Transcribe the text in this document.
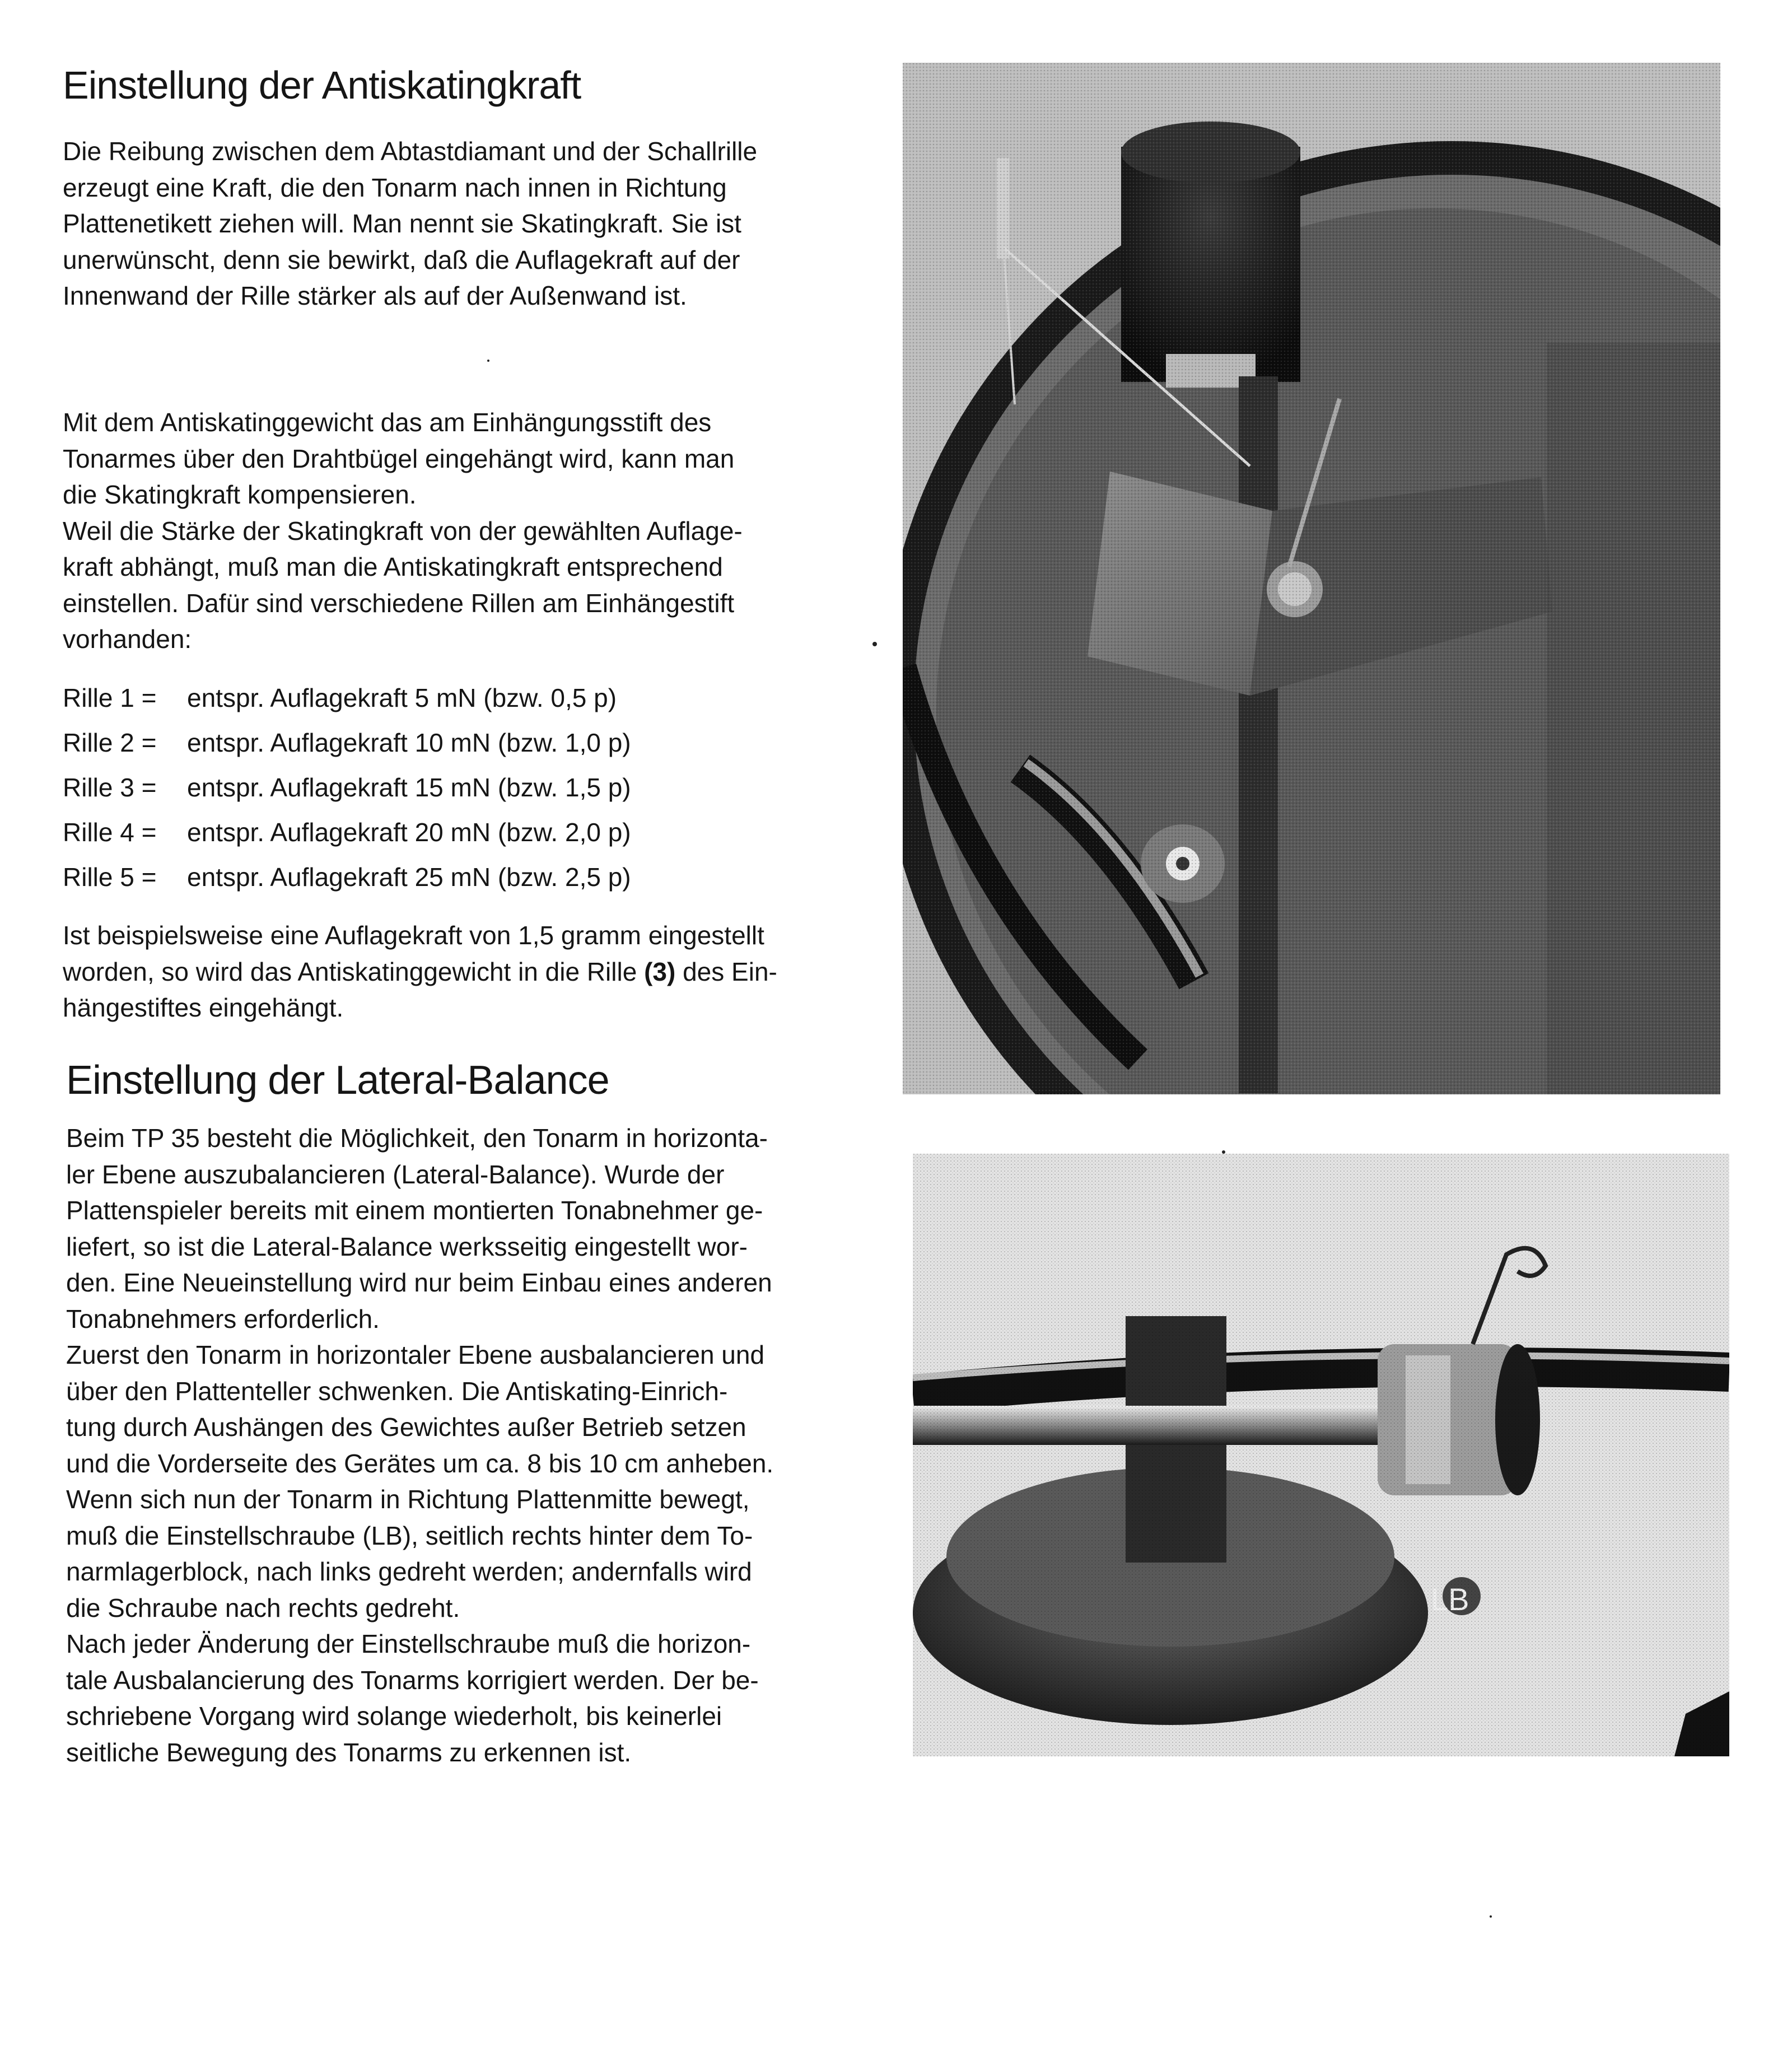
Einstellung der Antiskatingkraft

Die Reibung zwischen dem Abtastdiamant und der Schallrille
erzeugt eine Kraft, die den Tonarm nach innen in Richtung
Plattenetikett ziehen will. Man nennt sie Skatingkraft. Sie ist
unerwünscht, denn sie bewirkt, daß die Auflagekraft auf der
Innenwand der Rille stärker als auf der Außenwand ist.

Mit dem Antiskatinggewicht das am Einhängungsstift des
Tonarmes über den Drahtbügel eingehängt wird, kann man
die Skatingkraft kompensieren.
Weil die Stärke der Skatingkraft von der gewählten Auflage-
kraft abhängt, muß man die Antiskatingkraft entsprechend
einstellen. Dafür sind verschiedene Rillen am Einhängestift
vorhanden:

Rille 1 =	entspr. Auflagekraft 5 mN (bzw. 0,5 p)
Rille 2 =	entspr. Auflagekraft 10 mN (bzw. 1,0 p)
Rille 3 =	entspr. Auflagekraft 15 mN (bzw. 1,5 p)
Rille 4 =	entspr. Auflagekraft 20 mN (bzw. 2,0 p)
Rille 5 =	entspr. Auflagekraft 25 mN (bzw. 2,5 p)

Ist beispielsweise eine Auflagekraft von 1,5 gramm eingestellt
worden, so wird das Antiskatinggewicht in die Rille (3) des Ein-
hängestiftes eingehängt.

Einstellung der Lateral-Balance

Beim TP 35 besteht die Möglichkeit, den Tonarm in horizonta-
ler Ebene auszubalancieren (Lateral-Balance). Wurde der
Plattenspieler bereits mit einem montierten Tonabnehmer ge-
liefert, so ist die Lateral-Balance werksseitig eingestellt wor-
den. Eine Neueinstellung wird nur beim Einbau eines anderen
Tonabnehmers erforderlich.
Zuerst den Tonarm in horizontaler Ebene ausbalancieren und
über den Plattenteller schwenken. Die Antiskating-Einrich-
tung durch Aushängen des Gewichtes außer Betrieb setzen
und die Vorderseite des Gerätes um ca. 8 bis 10 cm anheben.
Wenn sich nun der Tonarm in Richtung Plattenmitte bewegt,
muß die Einstellschraube (LB), seitlich rechts hinter dem To-
narmlagerblock, nach links gedreht werden; andernfalls wird
die Schraube nach rechts gedreht.
Nach jeder Änderung der Einstellschraube muß die horizon-
tale Ausbalancierung des Tonarms korrigiert werden. Der be-
schriebene Vorgang wird solange wiederholt, bis keinerlei
seitliche Bewegung des Tonarms zu erkennen ist.
